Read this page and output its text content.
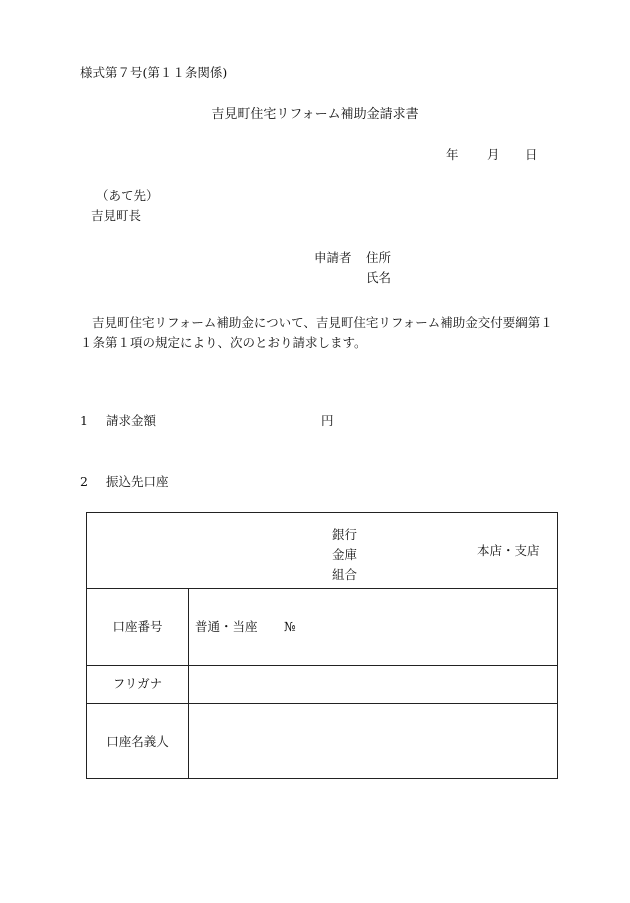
様式第７号(第１１条関係)
吉見町住宅リフォーム補助金請求書
年 月 日
（あて先）
吉見町長
申請者 住所
氏名
吉見町住宅リフォーム補助金について、吉見町住宅リフォーム補助金交付要綱第１１条第１項の規定により、次のとおり請求します。
1 請求金額	円
2 振込先口座
銀行
金庫
組合
本店・支店
口座番号	普通・当座 №
フリガナ
口座名義人
